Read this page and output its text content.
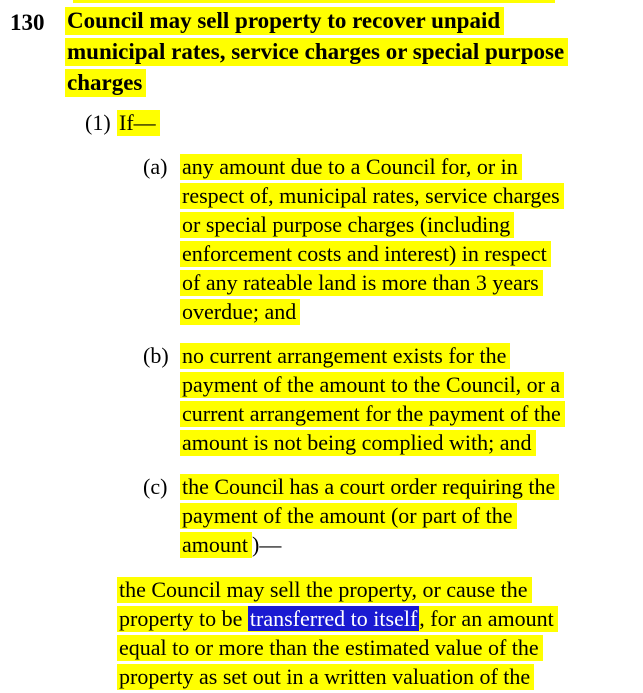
130 Council may sell property to recover unpaid
municipal rates, service charges or special purpose
charges
(1) If—
(a) any amount due to a Council for, or in
respect of, municipal rates, service charges
or special purpose charges (including
enforcement costs and interest) in respect
of any rateable land is more than 3 years
overdue; and
(b) no current arrangement exists for the
payment of the amount to the Council, or a
current arrangement for the payment of the
amount is not being complied with; and
(c) the Council has a court order requiring the
payment of the amount (or part of the
amount )—
the Council may sell the property, or cause the
property to be transferred to itself, for an amount
equal to or more than the estimated value of the
property as set out in a written valuation of the
